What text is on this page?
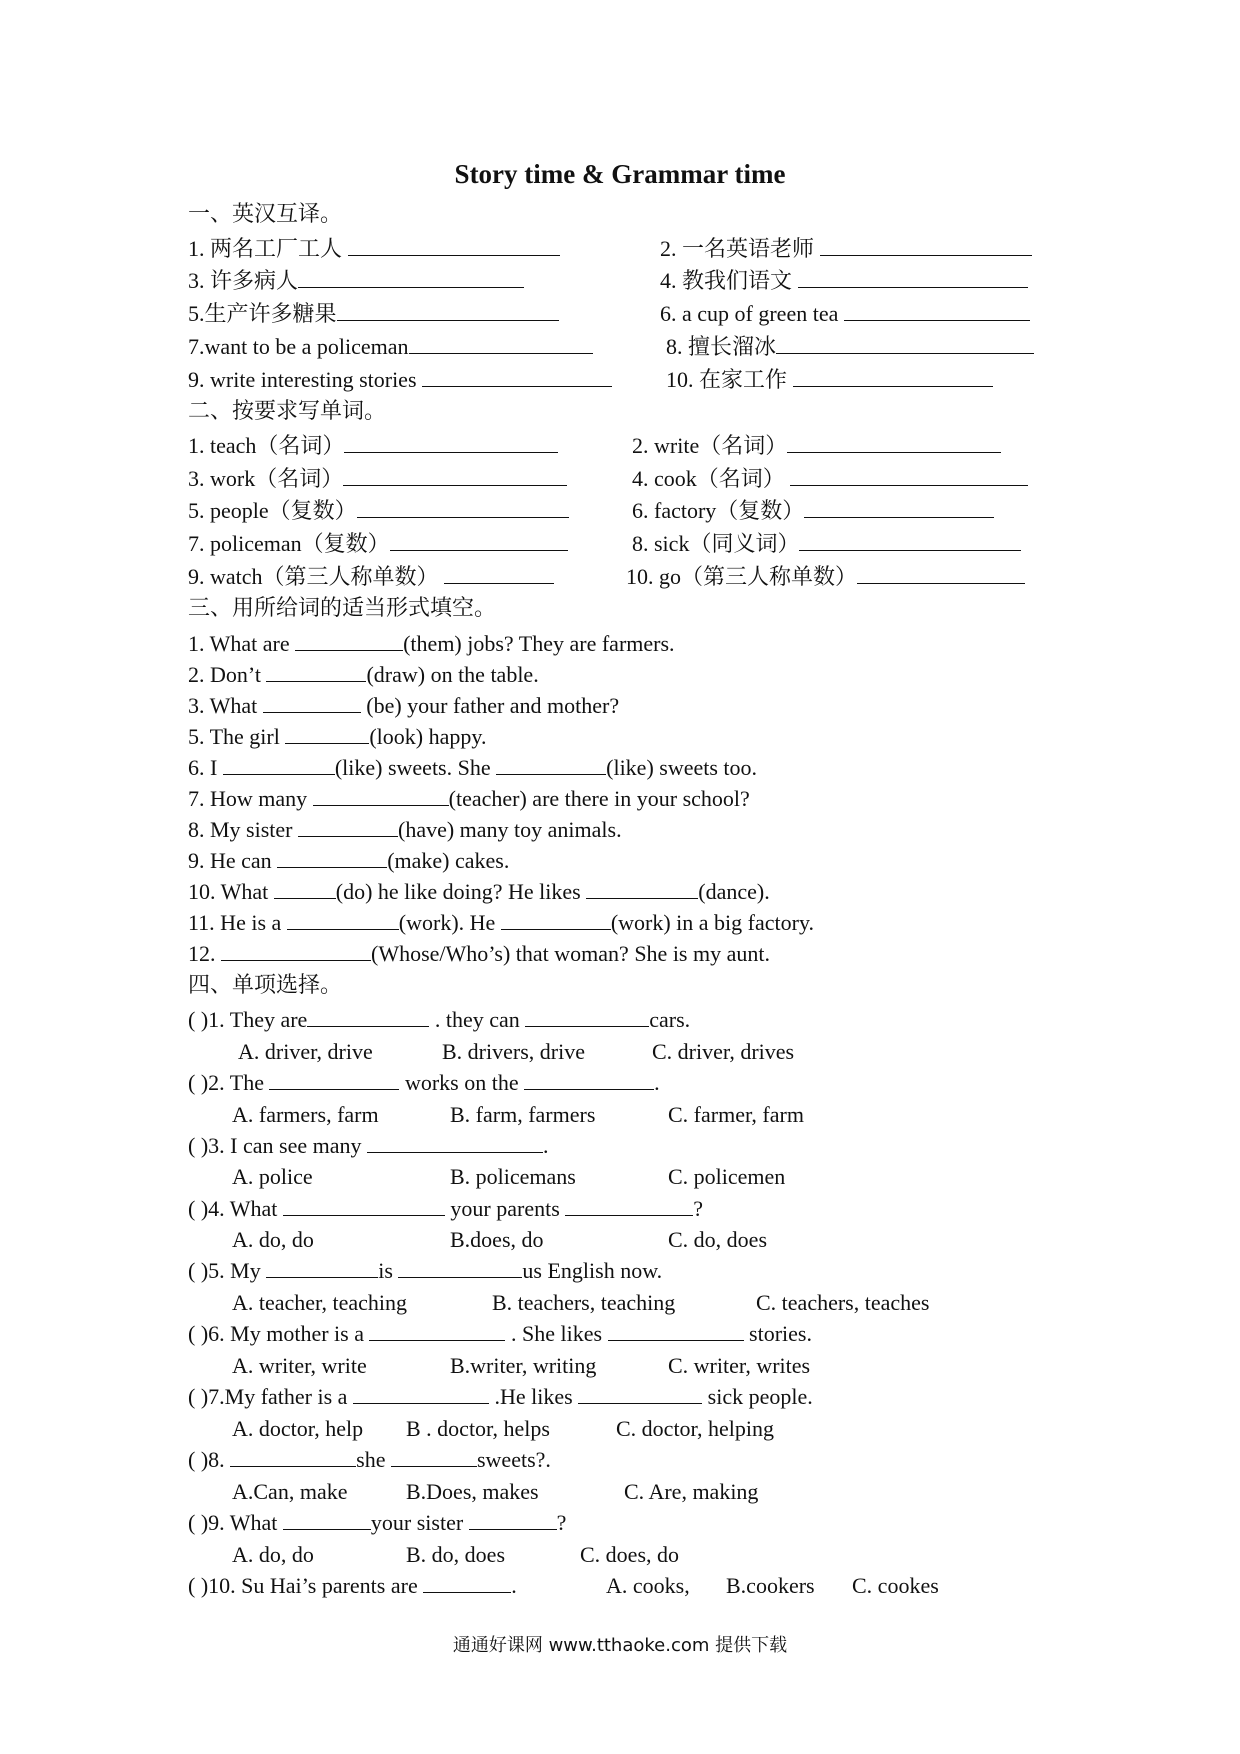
Story time & Grammar time
一、英汉互译。
1. 两名工厂工人	2. 一名英语老师
3. 许多病人	4. 教我们语文
5.生产许多糖果	6. a cup of green tea
7.want to be a policeman	8. 擅长溜冰
9. write interesting stories	10. 在家工作
二、按要求写单词。
1. teach（名词）	2. write（名词）
3. work（名词）	4. cook（名词）
5. people（复数）	6. factory（复数）
7. policeman（复数）	8. sick（同义词）
9. watch（第三人称单数）	10. go（第三人称单数）
三、用所给词的适当形式填空。
1. What are	(them) jobs? They are farmers.
2. Don’t	(draw) on the table.
3. What	(be) your father and mother?
5. The girl	(look) happy.
6. I	(like) sweets. She	(like) sweets too.
7. How many	(teacher) are there in your school?
8. My sister	(have) many toy animals.
9. He can	(make) cakes.
10. What	(do) he like doing? He likes	(dance).
11. He is a	(work). He	(work) in a big factory.
12.	(Whose/Who’s) that woman? She is my aunt.
四、单项选择。
( )1. They are	. they can	cars.
A. driver, drive	B. drivers, drive	C. driver, drives
( )2. The	works on the	.
A. farmers, farm	B. farm, farmers	C. farmer, farm
( )3. I can see many	.
A. police	B. policemans	C. policemen
( )4. What	your parents	?
A. do, do	B.does, do	C. do, does
( )5. My	is	us English now.
A. teacher, teaching	B. teachers, teaching	C. teachers, teaches
( )6. My mother is a	. She likes	stories.
A. writer, write	B.writer, writing	C. writer, writes
( )7.My father is a	.He likes	sick people.
A. doctor, help B . doctor, helps	C. doctor, helping
( )8.	she	sweets?.
A.Can, make	B.Does, makes	C. Are, making
( )9. What	your sister	?
A. do, do	B. do, does	C. does, do
( )10. Su Hai’s parents are	.	A. cooks, B.cookers C. cookes
通通好课网 www.tthaoke.com 提供下载
